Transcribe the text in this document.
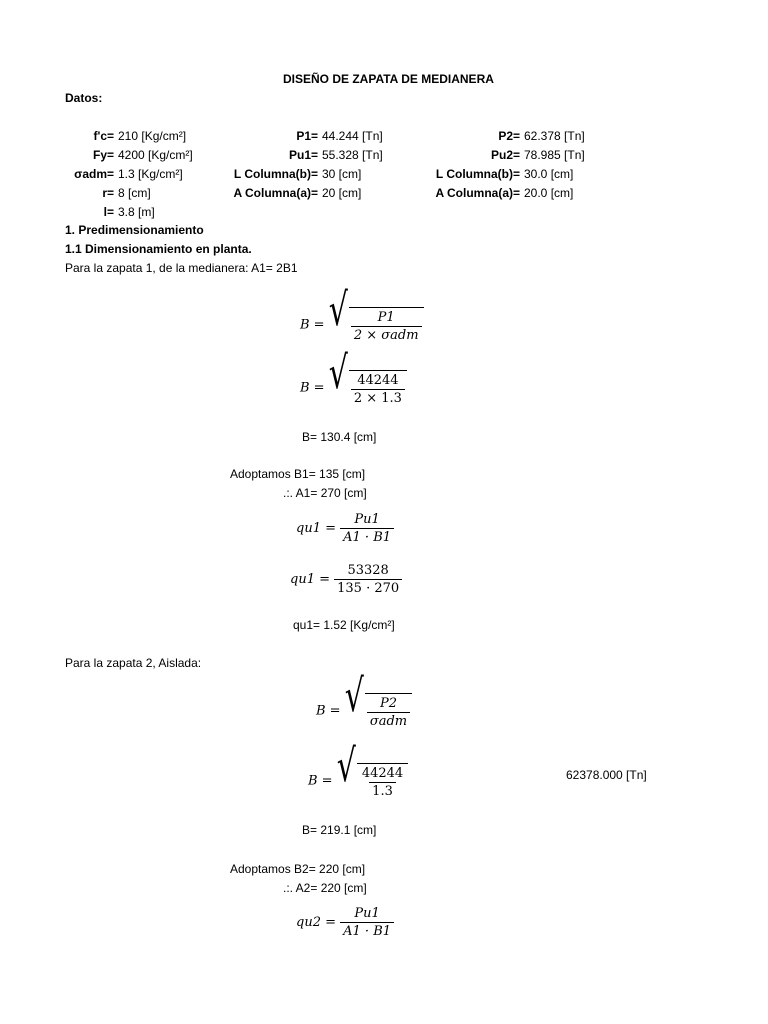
DISEÑO DE ZAPATA DE MEDIANERA
Datos:
f'c= 210 [Kg/cm²]
Fy= 4200 [Kg/cm²]
σadm= 1.3 [Kg/cm²]
r= 8 [cm]
l= 3.8 [m]
P1= 44.244 [Tn]
Pu1= 55.328 [Tn]
L Columna(b)= 30 [cm]
A Columna(a)= 20 [cm]
P2= 62.378 [Tn]
Pu2= 78.985 [Tn]
L Columna(b)= 30.0 [cm]
A Columna(a)= 20.0 [cm]
1. Predimensionamiento
1.1 Dimensionamiento en planta.
Para la zapata 1, de la medianera: A1= 2B1
B = √ $\frac{P1}{\text{2 × σadm}}$
B = √ $\frac{44244}{2 \times 1.3}$
B= 130.4 [cm]
Adoptamos B1= 135 [cm]
.:. A1= 270 [cm]
$qu1 = \frac{Pu1}{A1 \cdot B1}$
$qu1 = \frac{53328}{135 \cdot 270}$
qu1= 1.52 [Kg/cm²]
Para la zapata 2, Aislada:
B = √ $\frac{P2}{\text{σadm}}$
B = √ $\frac{44244}{1.3}$	62378.000 [Tn]
B= 219.1 [cm]
Adoptamos B2= 220 [cm]
.:. A2= 220 [cm]
$qu2 = \frac{Pu1}{A1 \cdot B1}$
